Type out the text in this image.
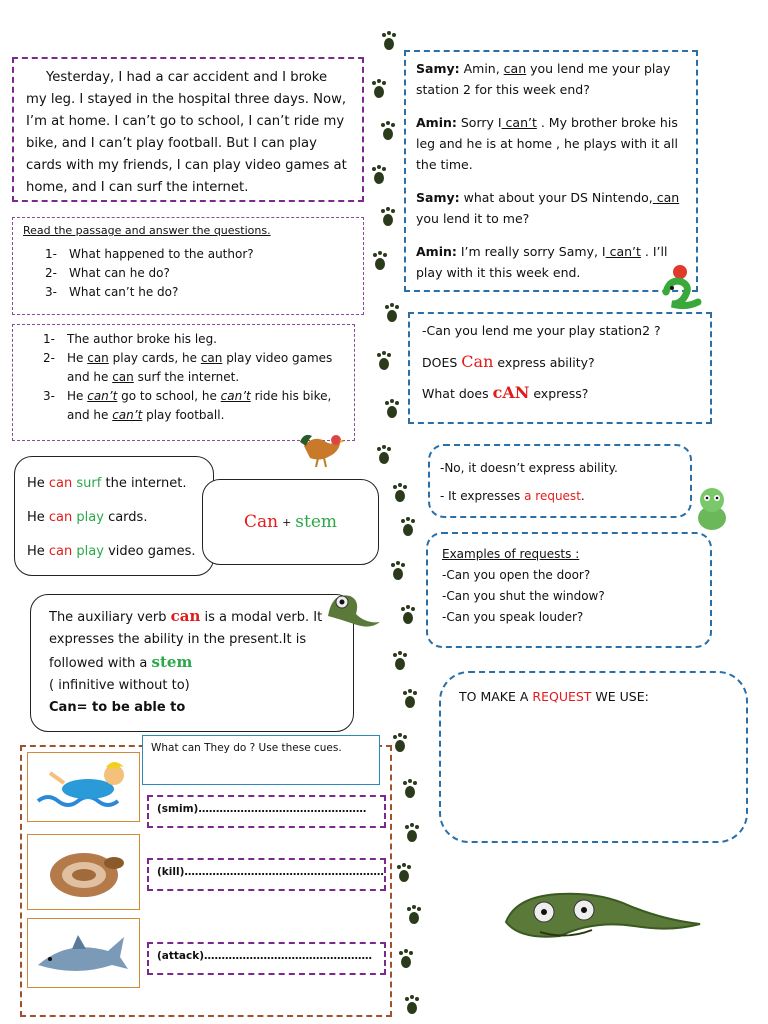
Yesterday, I had a car accident and I broke my leg. I stayed in the hospital three days. Now, I’m at home. I can’t go to school, I can’t ride my bike, and I can’t play football. But I can play cards with my friends, I can play video games at home, and I can surf the internet.
Read the passage and answer the questions.
1- What happened to the author?
2- What can he do?
3- What can’t he do?
1- The author broke his leg.
2- He can play cards, he can play video games and he can surf the internet.
3- He can’t go to school, he can’t ride his bike, and he can’t play football.
He can surf the internet.
He can play cards.
He can play video games.
Can + stem
The auxiliary verb can is a modal verb. It
expresses the ability in the present.It is
followed with a stem
( infinitive without to)
Can= to be able to
What can They do ? Use these cues.
(smim)…………………………………………
(kill)…………………………………………………
(attack)…………………………………………
Samy: Amin, can you lend me your play station 2 for this week end?
Amin: Sorry I can’t . My brother broke his leg and he is at home , he plays with it all the time.
Samy: what about your DS Nintendo, can you lend it to me?
Amin: I’m really sorry Samy, I can’t . I’ll play with it this week end.
-Can you lend me your play station2 ?
DOES Can express ability?
What does cAN express?
-No, it doesn’t express ability.
- It expresses a request.
Examples of requests :
-Can you open the door?
-Can you shut the window?
-Can you speak louder?
TO MAKE A REQUEST WE USE:
